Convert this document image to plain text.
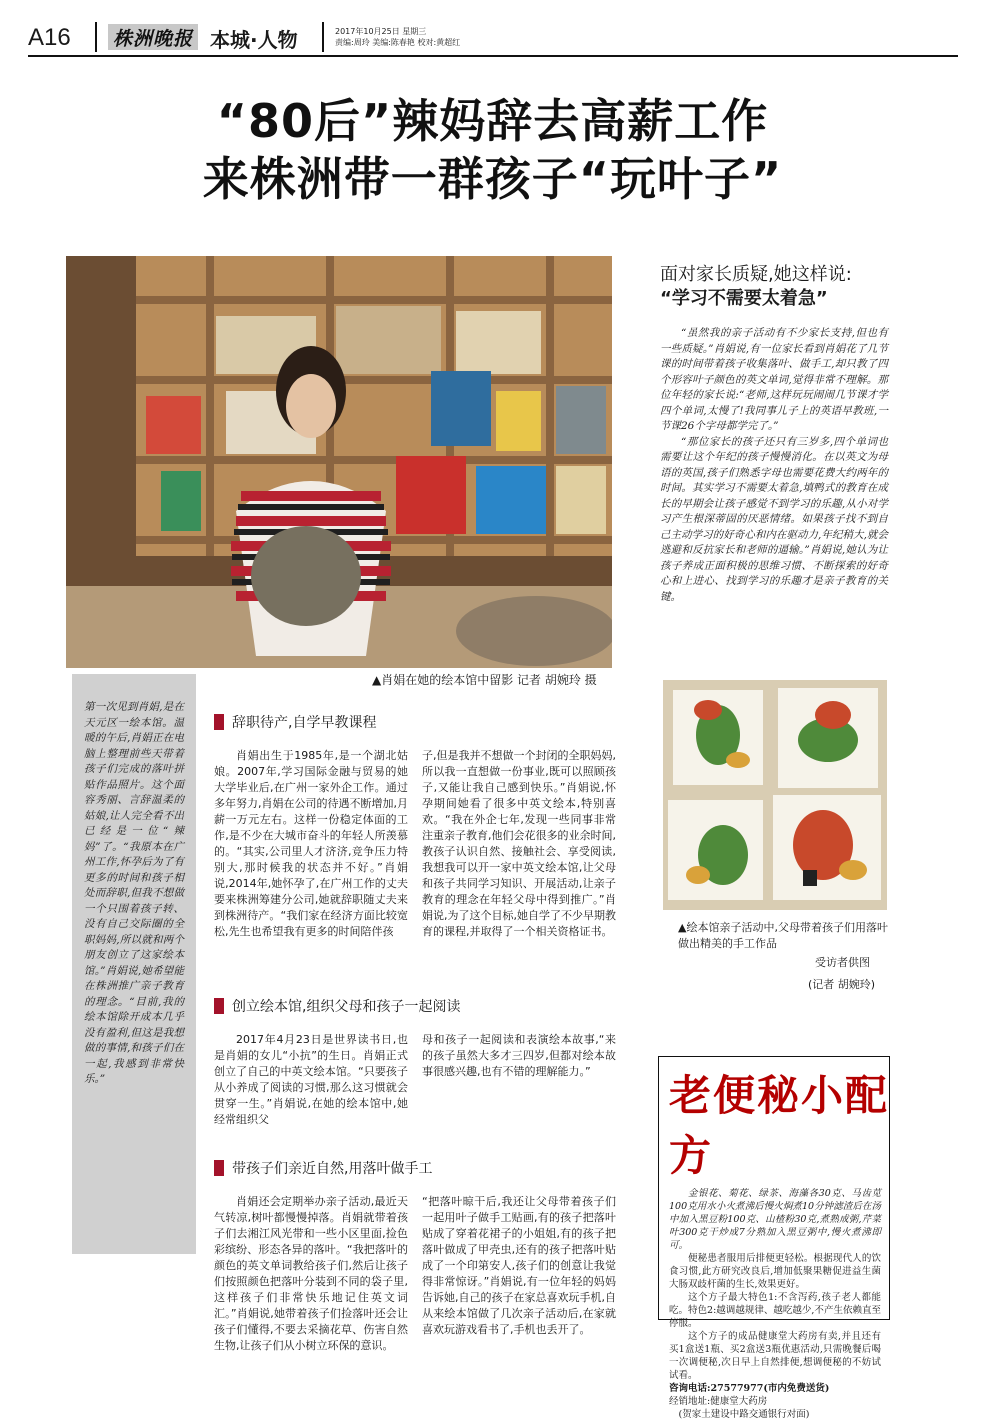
A16 株洲晚报 本城·人物	2017年10月25日 星期三
责编:周玲 美编:陈春艳 校对:黄超红
“80后”辣妈辞去高薪工作
来株洲带一群孩子“玩叶子”
▲肖娟在她的绘本馆中留影 记者 胡婉玲 摄
面对家长质疑,她这样说:
“学习不需要太着急”

“虽然我的亲子活动有不少家长支持,但也有一些质疑。”肖娟说,有一位家长看到肖娟花了几节课的时间带着孩子收集落叶、做手工,却只教了四个形容叶子颜色的英文单词,觉得非常不理解。那位年轻的家长说:“老师,这样玩玩闹闹几节课才学四个单词,太慢了!我同事儿子上的英语早教班,一节课26个字母都学完了。”

“那位家长的孩子还只有三岁多,四个单词也需要让这个年纪的孩子慢慢消化。在以英文为母语的英国,孩子们熟悉字母也需要花费大约两年的时间。其实学习不需要太着急,填鸭式的教育在成长的早期会让孩子感觉不到学习的乐趣,从小对学习产生根深蒂固的厌恶情绪。如果孩子找不到自己主动学习的好奇心和内在驱动力,年纪稍大,就会逃避和反抗家长和老师的逼输。”肖娟说,她认为让孩子养成正面积极的思维习惯、不断探索的好奇心和上进心、找到学习的乐趣才是亲子教育的关键。

第一次见到肖娟,是在天元区一绘本馆。温暖的午后,肖娟正在电脑上整理前些天带着孩子们完成的落叶拼贴作品照片。这个面容秀丽、言辞温柔的姑娘,让人完全看不出已经是一位“辣妈”了。“我原本在广州工作,怀孕后为了有更多的时间和孩子相处而辞职,但我不想做一个只围着孩子转、没有自己交际圈的全职妈妈,所以就和两个朋友创立了这家绘本馆。”肖娟说,她希望能在株洲推广亲子教育的理念。“目前,我的绘本馆除开成本几乎没有盈利,但这是我想做的事情,和孩子们在一起,我感到非常快乐。”
辞职待产,自学早教课程

肖娟出生于1985年,是一个湖北姑娘。2007年,学习国际金融与贸易的她大学毕业后,在广州一家外企工作。通过多年努力,肖娟在公司的待遇不断增加,月薪一万元左右。这样一份稳定体面的工作,是不少在大城市奋斗的年轻人所羡慕的。“其实,公司里人才济济,竞争压力特别大,那时候我的状态并不好。”肖娟说,2014年,她怀孕了,在广州工作的丈夫要来株洲筹建分公司,她就辞职随丈夫来到株洲待产。“我们家在经济方面比较宽松,先生也希望我有更多的时间陪伴孩

子,但是我并不想做一个封闭的全职妈妈,所以我一直想做一份事业,既可以照顾孩子,又能让我自己感到快乐。”肖娟说,怀孕期间她看了很多中英文绘本,特别喜欢。“我在外企七年,发现一些同事非常注重亲子教育,他们会花很多的业余时间,教孩子认识自然、接触社会、享受阅读,我想我可以开一家中英文绘本馆,让父母和孩子共同学习知识、开展活动,让亲子教育的理念在年轻父母中得到推广。”肖娟说,为了这个目标,她自学了不少早期教育的课程,并取得了一个相关资格证书。

创立绘本馆,组织父母和孩子一起阅读

2017年4月23日是世界读书日,也是肖娟的女儿“小抗”的生日。肖娟正式创立了自己的中英文绘本馆。“只要孩子从小养成了阅读的习惯,那么这习惯就会贯穿一生。”肖娟说,在她的绘本馆中,她经常组织父

母和孩子一起阅读和表演绘本故事,“来的孩子虽然大多才三四岁,但都对绘本故事很感兴趣,也有不错的理解能力。”

带孩子们亲近自然,用落叶做手工

肖娟还会定期举办亲子活动,最近天气转凉,树叶都慢慢掉落。肖娟就带着孩子们去湘江风光带和一些小区里面,捡色彩缤纷、形态各异的落叶。“我把落叶的颜色的英文单词教给孩子们,然后让孩子们按照颜色把落叶分装到不同的袋子里,这样孩子们非常快乐地记住英文词汇。”肖娟说,她带着孩子们捡落叶还会让孩子们懂得,不要去采摘花草、伤害自然生物,让孩子们从小树立环保的意识。

“把落叶晾干后,我还让父母带着孩子们一起用叶子做手工贴画,有的孩子把落叶贴成了穿着花裙子的小姐姐,有的孩子把落叶做成了甲壳虫,还有的孩子把落叶贴成了一个印第安人,孩子们的创意让我觉得非常惊讶。”肖娟说,有一位年轻的妈妈告诉她,自己的孩子在家总喜欢玩手机,自从来绘本馆做了几次亲子活动后,在家就喜欢玩游戏看书了,手机也丢开了。

▲绘本馆亲子活动中,父母带着孩子们用落叶做出精美的手工作品
受访者供图
(记者 胡婉玲)
老便秘小配方

金银花、菊花、绿茶、海藻各30克、马齿苋100克用水小火煮沸后慢火焖煮10分钟滤渣后在汤中加入黑豆粉100克、山楂粉30克,煮熟成粥,芹菜叶300克干炒成7分熟加入黑豆粥中,慢火煮沸即可。

便秘患者服用后排便更轻松。根据现代人的饮食习惯,此方研究改良后,增加低聚果糖促进益生菌大肠双歧杆菌的生长,效果更好。

这个方子最大特色1:不含泻药,孩子老人都能吃。特色2:越调越规律、越吃越少,不产生依赖直至停服。

这个方子的成品健康堂大药房有卖,并且还有买1盒送1瓶、买2盒送3瓶优惠活动,只需晚餐后喝一次调便秘,次日早上自然排便,想调便秘的不妨试试看。

咨询电话:27577977(市内免费送货)

经销地址:健康堂大药房

(贺家土建设中路交通银行对面)
